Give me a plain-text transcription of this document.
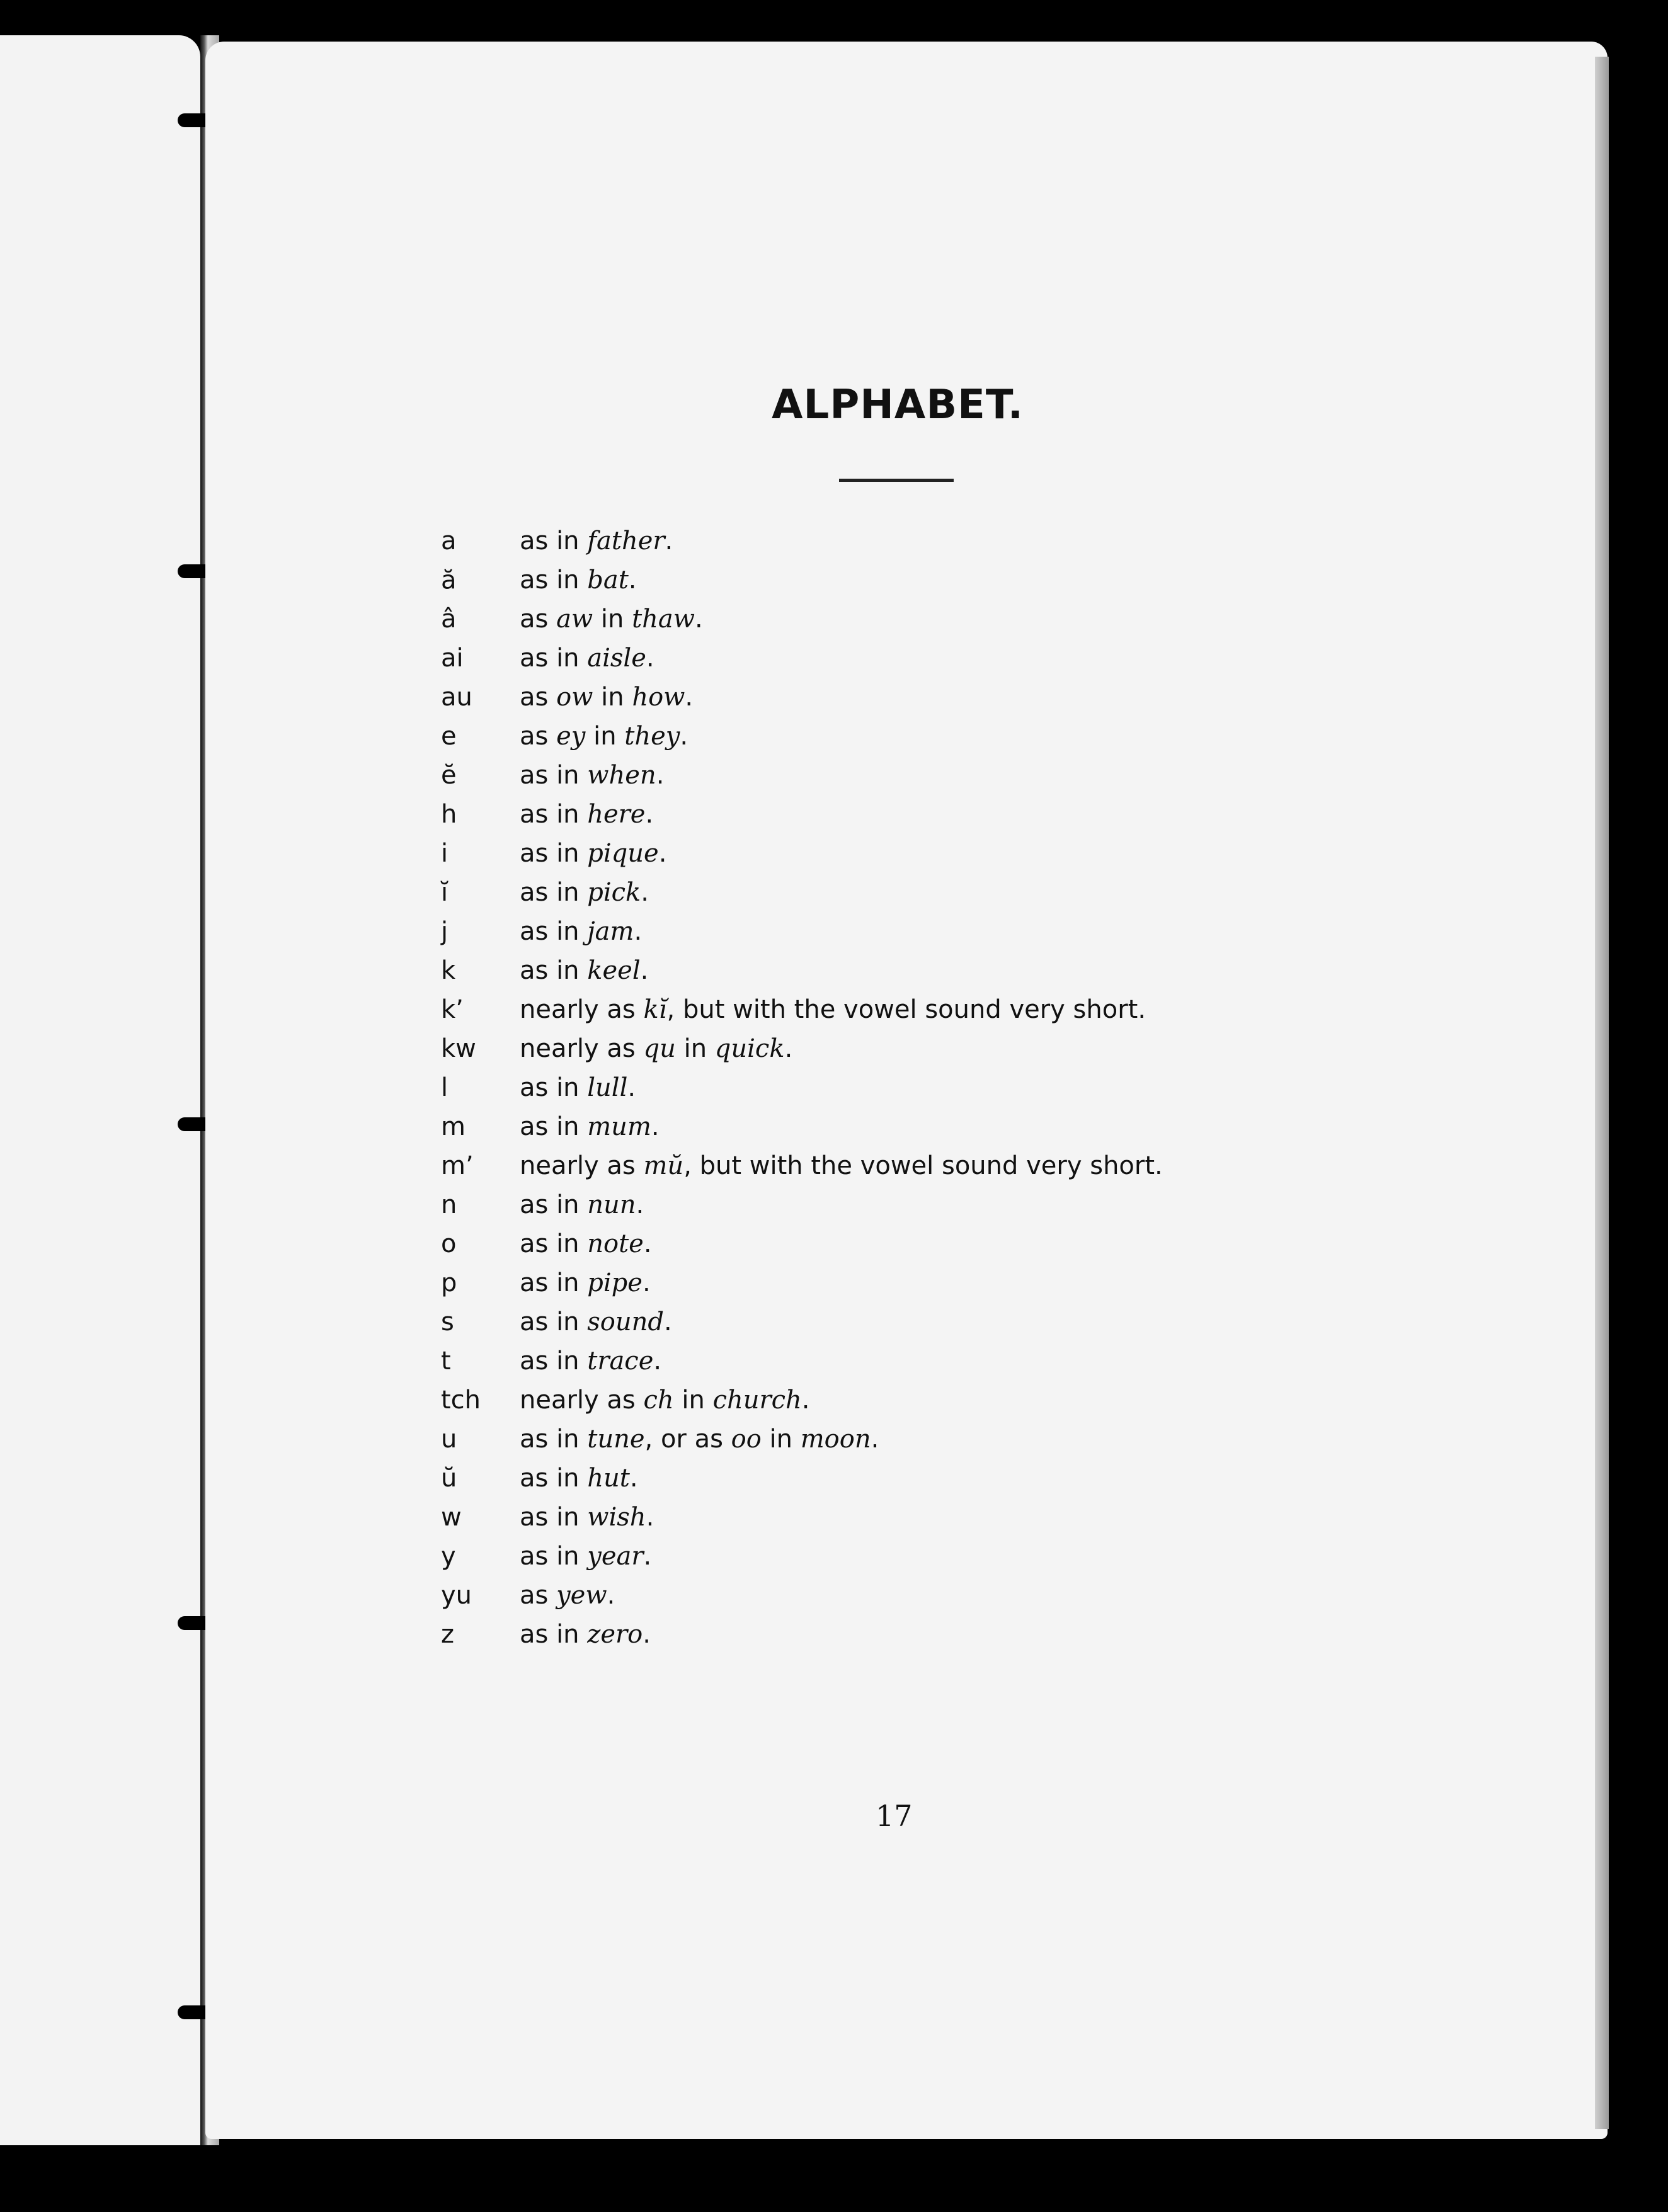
ALPHABET.
a	as in father.
ă	as in bat.
â	as aw in thaw.
ai	as in aisle.
au	as ow in how.
e	as ey in they.
ĕ	as in when.
h	as in here.
i	as in pique.
ĭ	as in pick.
j	as in jam.
k	as in keel.
k’	nearly as kĭ, but with the vowel sound very short.
kw	nearly as qu in quick.
l	as in lull.
m	as in mum.
m’	nearly as mŭ, but with the vowel sound very short.
n	as in nun.
o	as in note.
p	as in pipe.
s	as in sound.
t	as in trace.
tch	nearly as ch in church.
u	as in tune, or as oo in moon.
ŭ	as in hut.
w	as in wish.
y	as in year.
yu	as yew.
z	as in zero.
17
